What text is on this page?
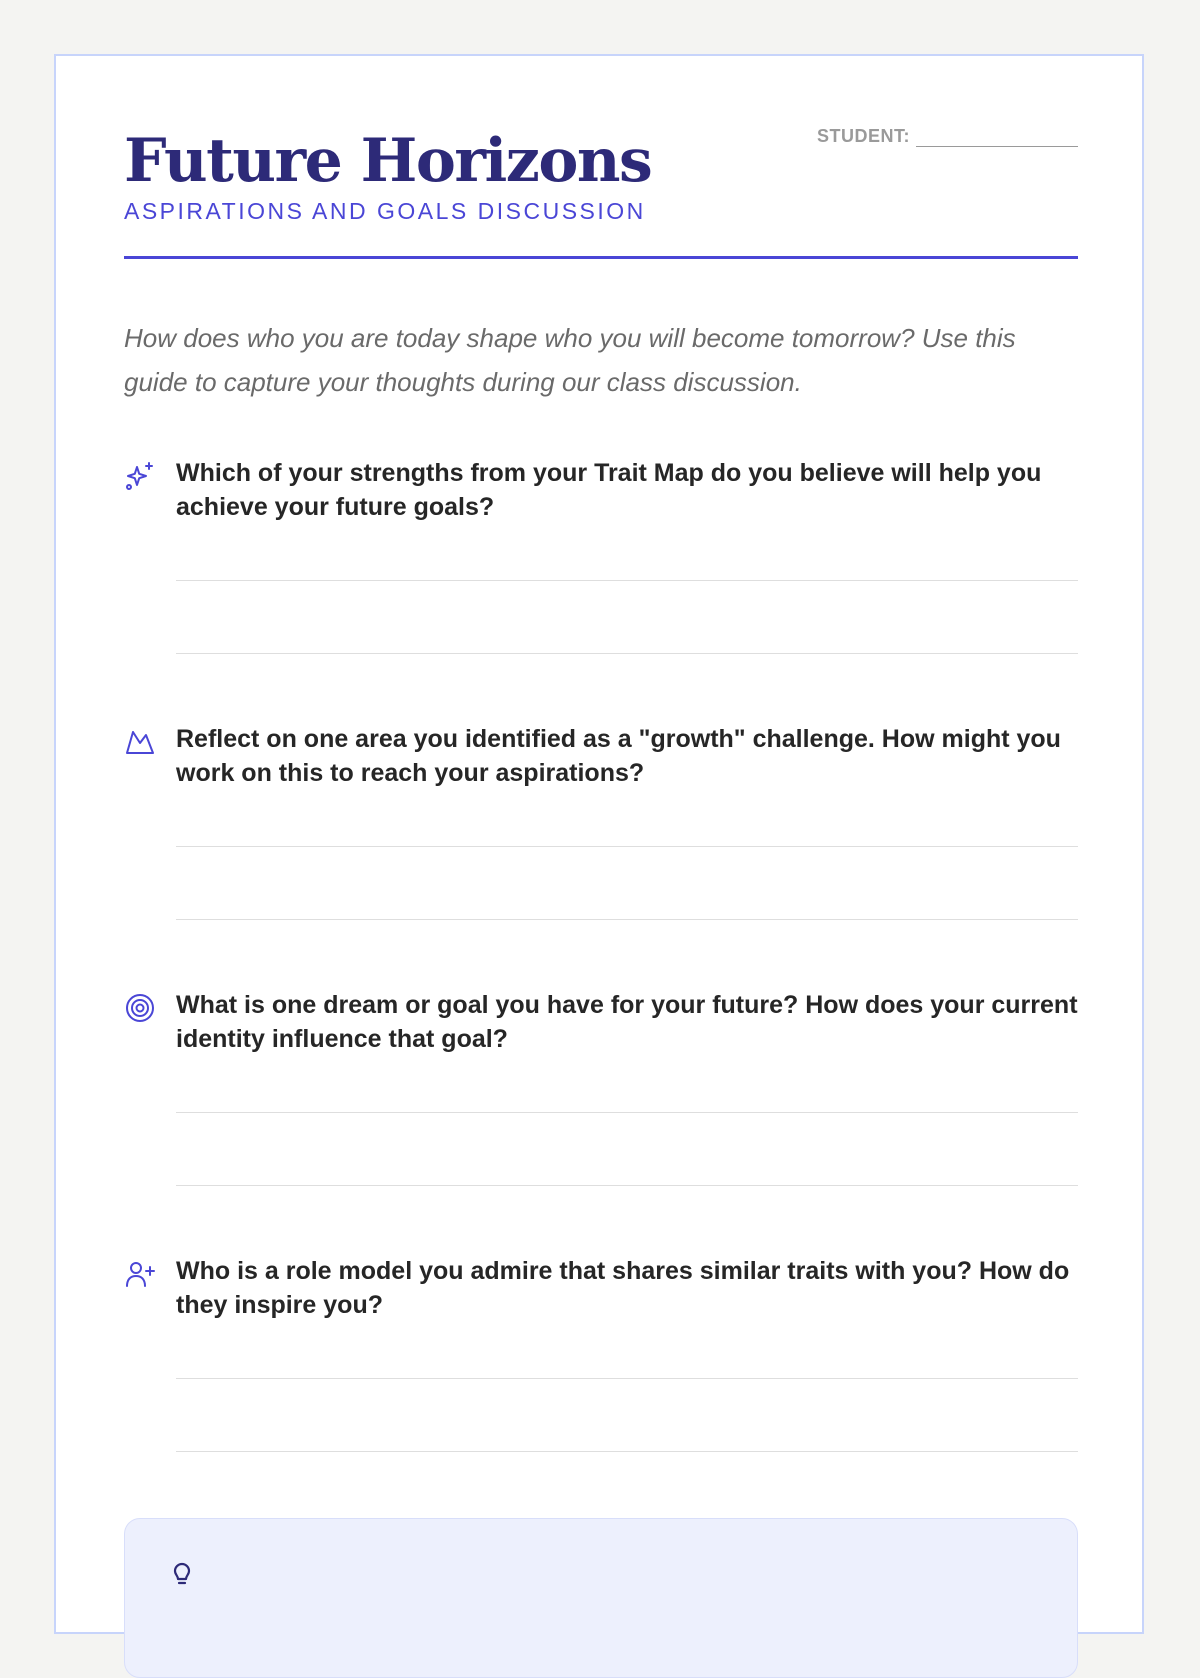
Future Horizons
ASPIRATIONS AND GOALS DISCUSSION
STUDENT:

How does who you are today shape who you will become tomorrow? Use this guide to capture your thoughts during our class discussion.

Which of your strengths from your Trait Map do you believe will help you achieve your future goals?

Reflect on one area you identified as a "growth" challenge. How might you work on this to reach your aspirations?

What is one dream or goal you have for your future? How does your current identity influence that goal?

Who is a role model you admire that shares similar traits with you? How do they inspire you?
